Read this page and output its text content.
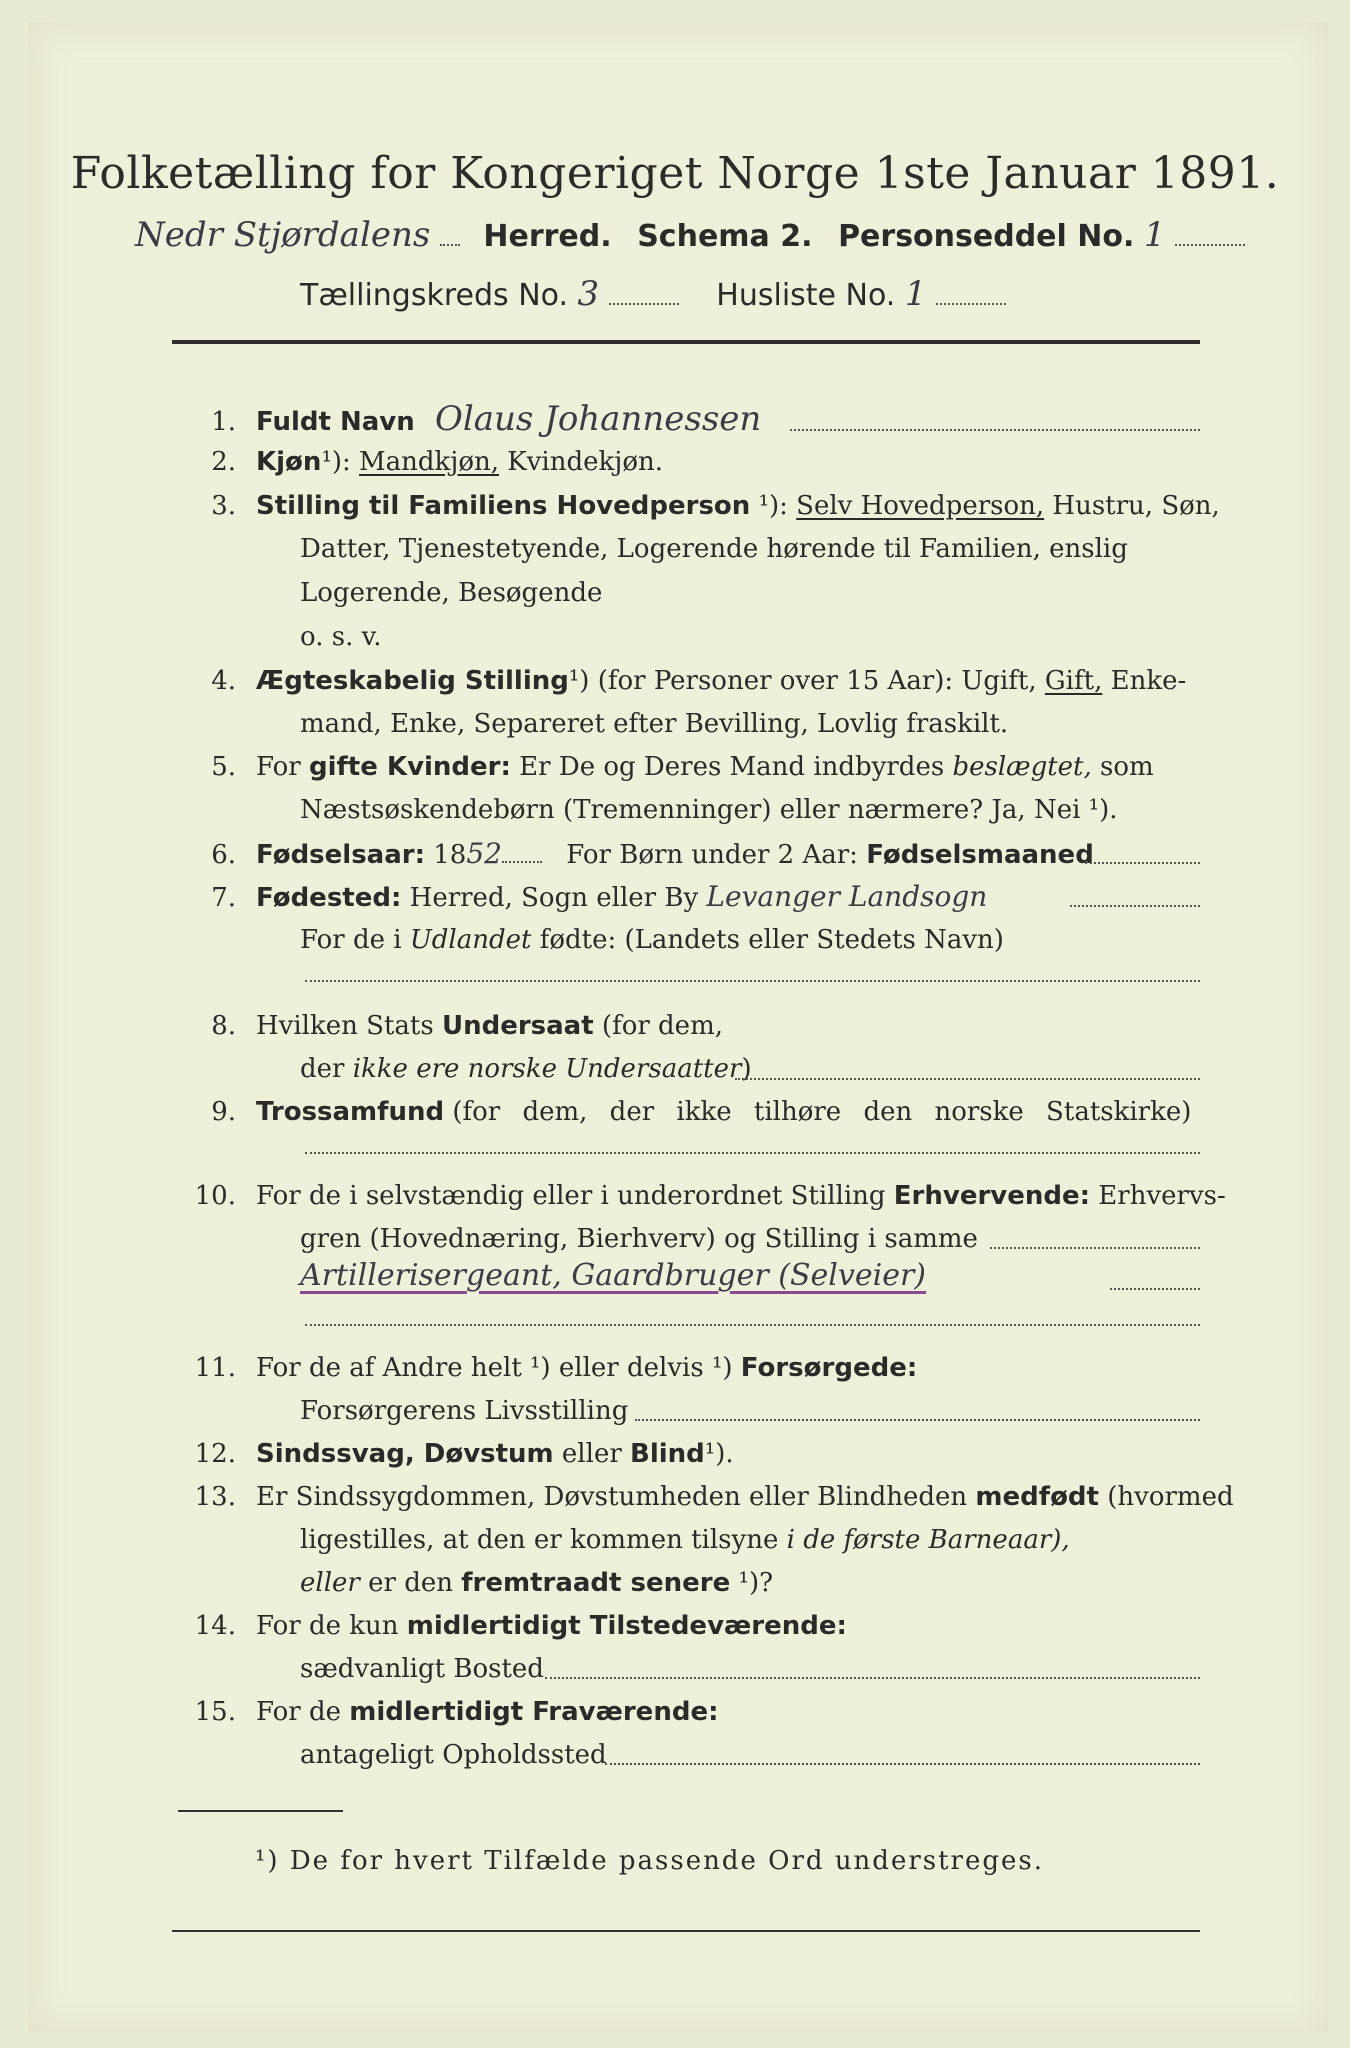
Folketælling for Kongeriget Norge 1ste Januar 1891.
Nedr Stjørdalens Herred. Schema 2. Personseddel No. 1
Tællingskreds No. 3	Husliste No. 1
1. Fuldt Navn Olaus Johannessen
2. Kjøn¹): Mandkjøn, Kvindekjøn.
3. Stilling til Familiens Hovedperson ¹): Selv Hovedperson, Hustru, Søn,
Datter, Tjenestetyende, Logerende hørende til Familien, enslig
Logerende, Besøgende
o. s. v.
4. Ægteskabelig Stilling¹) (for Personer over 15 Aar): Ugift, Gift, Enke-
mand, Enke, Separeret efter Bevilling, Lovlig fraskilt.
5. For gifte Kvinder: Er De og Deres Mand indbyrdes beslægtet, som
Næstsøskendebørn (Tremenninger) eller nærmere? Ja, Nei ¹).
6. Fødselsaar: 1852 For Børn under 2 Aar: Fødselsmaaned
7. Fødested: Herred, Sogn eller By Levanger Landsogn
For de i Udlandet fødte: (Landets eller Stedets Navn)
8. Hvilken Stats Undersaat (for dem,
der ikke ere norske Undersaatter)
9. Trossamfund (for dem, der ikke tilhøre den norske Statskirke)
10. For de i selvstændig eller i underordnet Stilling Erhvervende: Erhvervs-
gren (Hovednæring, Bierhverv) og Stilling i samme
Artillerisergeant, Gaardbruger (Selveier)
11. For de af Andre helt ¹) eller delvis ¹) Forsørgede:
Forsørgerens Livsstilling
12. Sindssvag, Døvstum eller Blind¹).
13. Er Sindssygdommen, Døvstumheden eller Blindheden medfødt (hvormed
ligestilles, at den er kommen tilsyne i de første Barneaar),
eller er den fremtraadt senere ¹)?
14. For de kun midlertidigt Tilstedeværende:
sædvanligt Bosted
15. For de midlertidigt Fraværende:
antageligt Opholdssted
¹) De for hvert Tilfælde passende Ord understreges.
